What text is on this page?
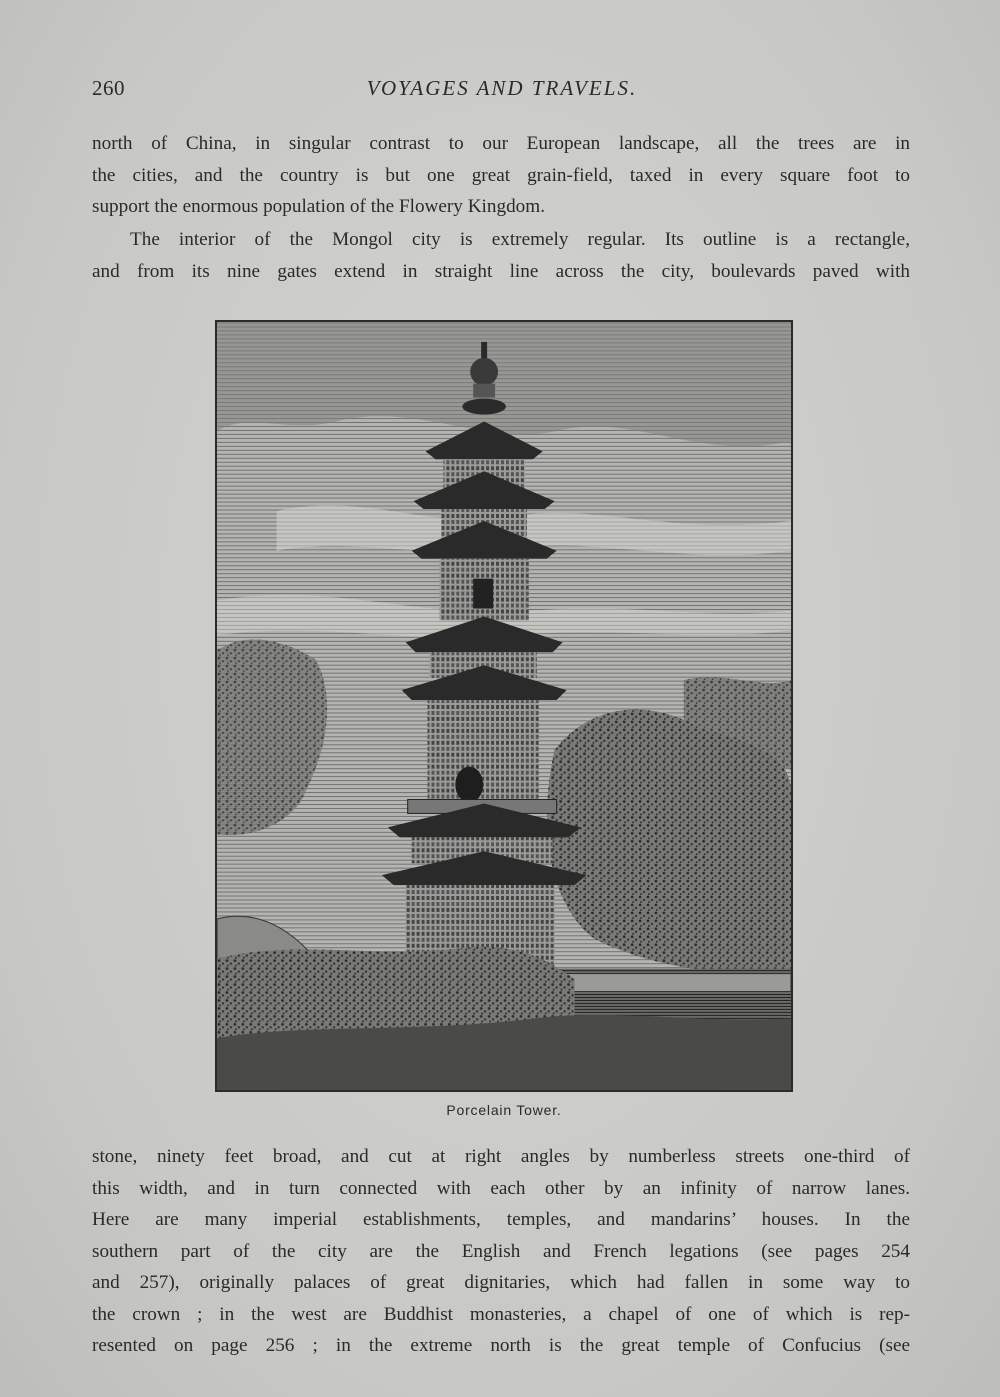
260	VOYAGES AND TRAVELS.
north of China, in singular contrast to our European landscape, all the trees are in
the cities, and the country is but one great grain-field, taxed in every square foot to
support the enormous population of the Flowery Kingdom.
The interior of the Mongol city is extremely regular. Its outline is a rectangle,
and from its nine gates extend in straight line across the city, boulevards paved with
Porcelain Tower.
stone, ninety feet broad, and cut at right angles by numberless streets one-third of
this width, and in turn connected with each other by an infinity of narrow lanes.
Here are many imperial establishments, temples, and mandarins’ houses. In the
southern part of the city are the English and French legations (see pages 254
and 257), originally palaces of great dignitaries, which had fallen in some way to
the crown ; in the west are Buddhist monasteries, a chapel of one of which is rep-
resented on page 256 ; in the extreme north is the great temple of Confucius (see
